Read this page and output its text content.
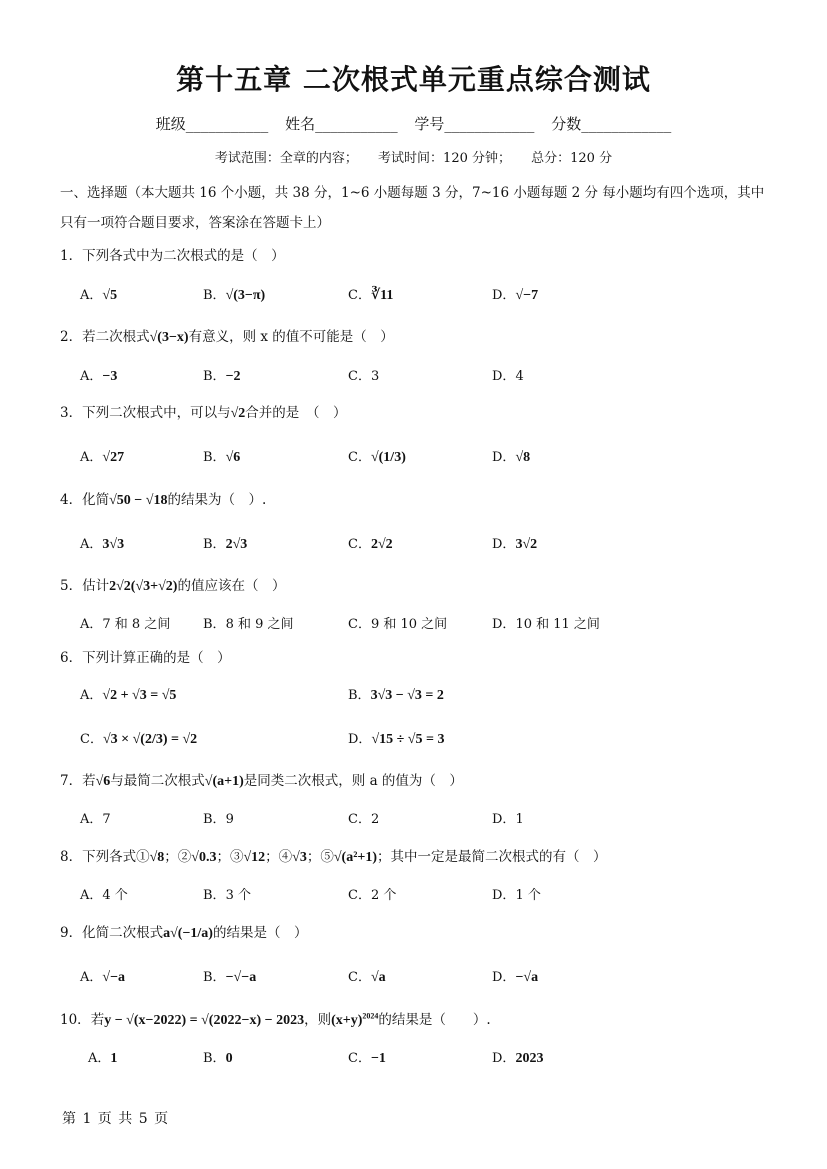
第十五章 二次根式单元重点综合测试
班级___________ 姓名___________ 学号____________ 分数____________
考试范围：全章的内容； 考试时间：120 分钟； 总分：120 分
一、选择题（本大题共 16 个小题，共 38 分，1~6 小题每题 3 分，7~16 小题每题 2 分 每小题均有四个选项，其中只有一项符合题目要求，答案涂在答题卡上）
1．下列各式中为二次根式的是（　）
A．√5	B．√(3−π)	C．∛11	D．√−7
2．若二次根式√(3−x)有意义，则 x 的值不可能是（　）
A．−3	B．−2	C．3	D．4
3．下列二次根式中，可以与√2合并的是　（　）
A．√27	B．√6	C．√(1/3)	D．√8
4．化简√50 − √18的结果为（　）.
A．3√3	B．2√3	C．2√2	D．3√2
5．估计2√2(√3+√2)的值应该在（　）
A．7 和 8 之间	B．8 和 9 之间	C．9 和 10 之间	D．10 和 11 之间
6．下列计算正确的是（　）
A．√2 + √3 = √5	B．3√3 − √3 = 2
C．√3 × √(2/3) = √2	D．√15 ÷ √5 = 3
7．若√6与最简二次根式√(a+1)是同类二次根式，则 a 的值为（　）
A．7	B．9	C．2	D．1
8．下列各式①√8；②√0.3；③√12；④√3；⑤√(a²+1)；其中一定是最简二次根式的有（　）
A．4 个	B．3 个	C．2 个	D．1 个
9．化简二次根式a√(−1/a)的结果是（　）
A．√−a	B．−√−a	C．√a	D．−√a
10．若y − √(x−2022) = √(2022−x) − 2023，则$(x+y)^{2024}$的结果是（　　）.
A．1	B．0	C．−1	D．2023
第 1 页 共 5 页
